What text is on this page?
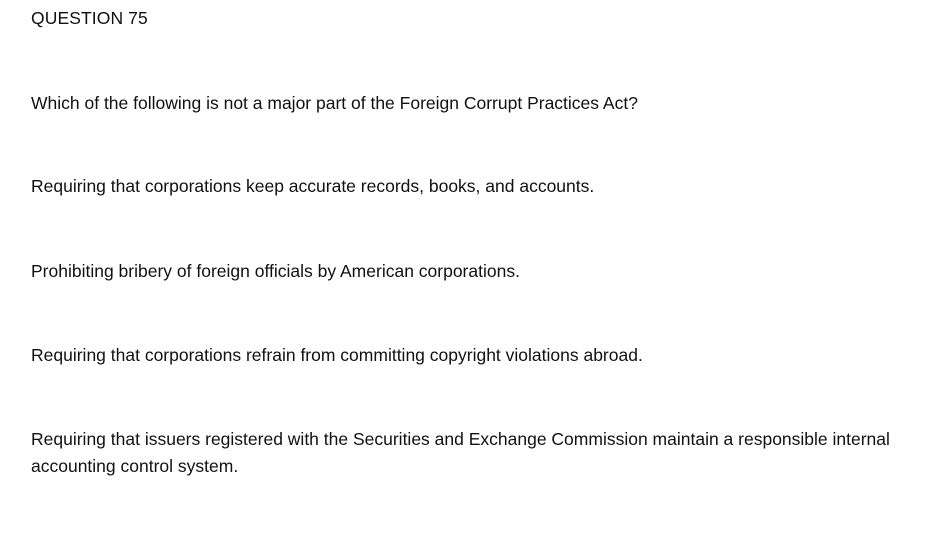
QUESTION 75
Which of the following is not a major part of the Foreign Corrupt Practices Act?
Requiring that corporations keep accurate records, books, and accounts.
Prohibiting bribery of foreign officials by American corporations.
Requiring that corporations refrain from committing copyright violations abroad.
Requiring that issuers registered with the Securities and Exchange Commission maintain a responsible internal accounting control system.
